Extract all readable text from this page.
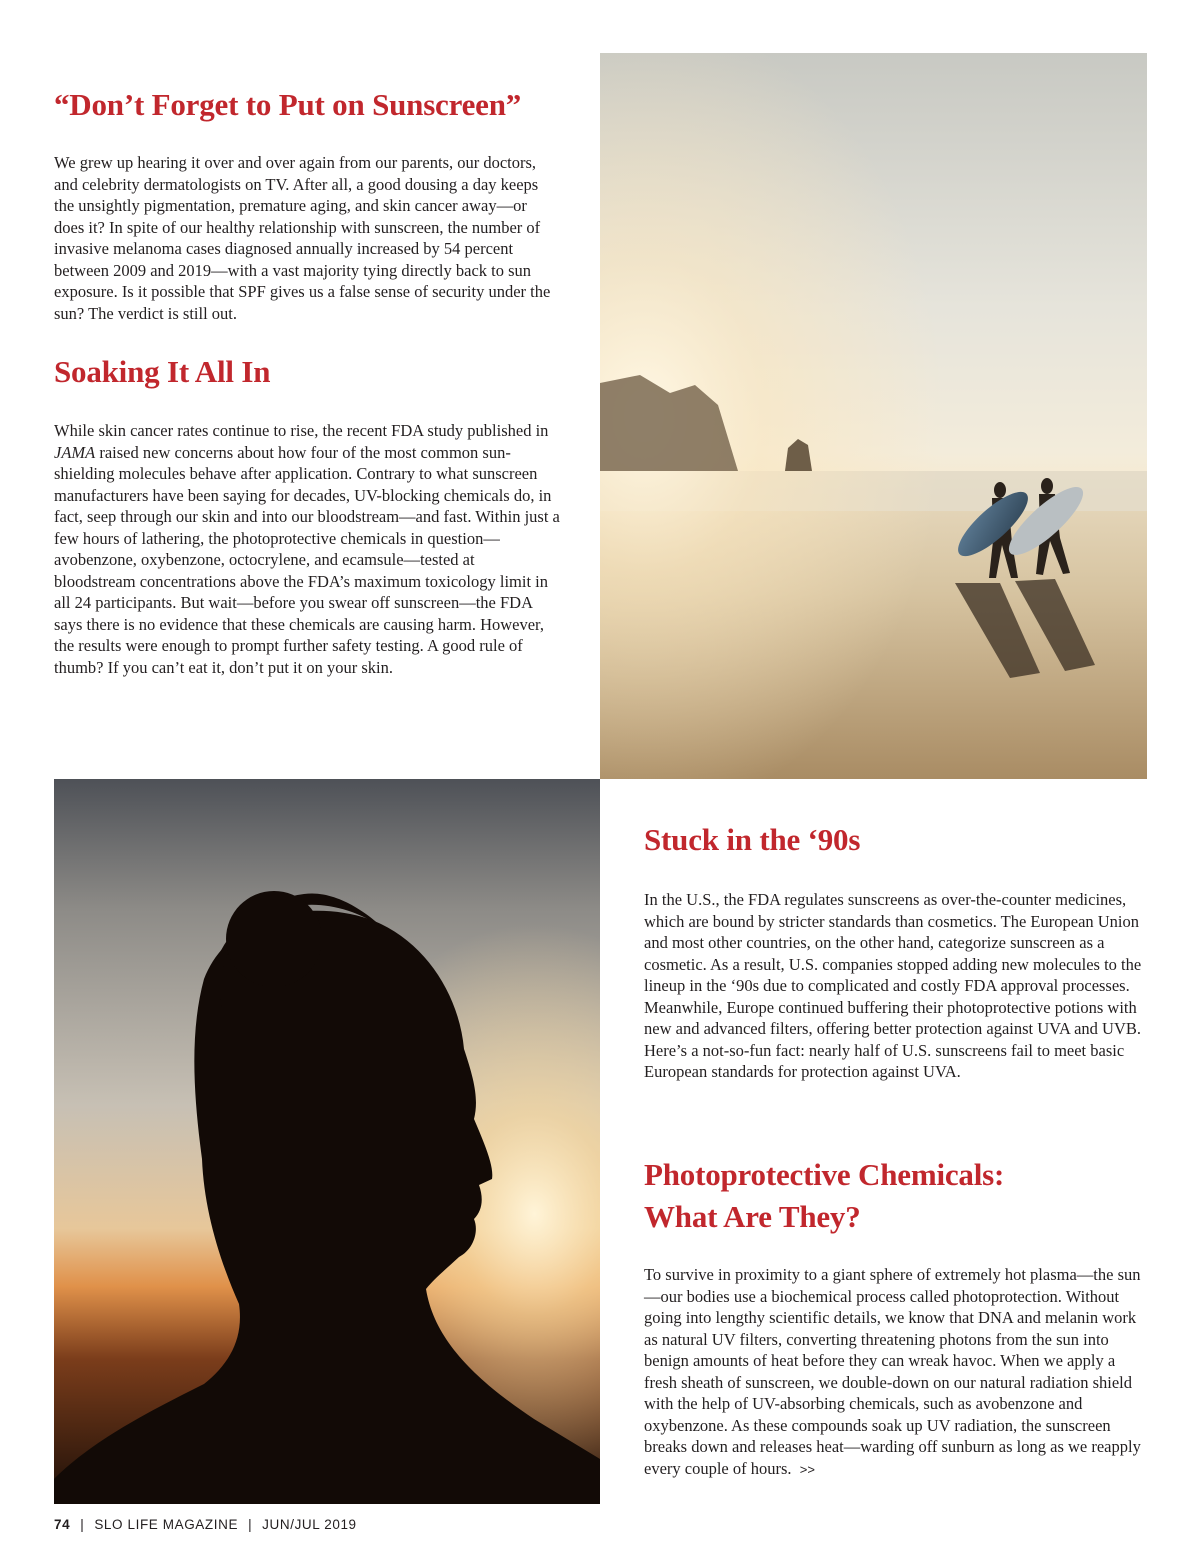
“Don’t Forget to Put on Sunscreen”

We grew up hearing it over and over again from our parents, our doctors, and celebrity dermatologists on TV. After all, a good dousing a day keeps the unsightly pigmentation, premature aging, and skin cancer away—or does it? In spite of our healthy relationship with sunscreen, the number of invasive melanoma cases diagnosed annually increased by 54 percent between 2009 and 2019—with a vast majority tying directly back to sun exposure. Is it possible that SPF gives us a false sense of security under the sun? The verdict is still out.

Soaking It All In

While skin cancer rates continue to rise, the recent FDA study published in JAMA raised new concerns about how four of the most common sun-shielding molecules behave after application. Contrary to what sunscreen manufacturers have been saying for decades, UV-blocking chemicals do, in fact, seep through our skin and into our bloodstream—and fast. Within just a few hours of lathering, the photoprotective chemicals in question—avobenzone, oxybenzone, octocrylene, and ecamsule—tested at bloodstream concentrations above the FDA’s maximum toxicology limit in all 24 participants. But wait—before you swear off sunscreen—the FDA says there is no evidence that these chemicals are causing harm. However, the results were enough to prompt further safety testing. A good rule of thumb? If you can’t eat it, don’t put it on your skin.

Stuck in the ‘90s

In the U.S., the FDA regulates sunscreens as over-the-counter medicines, which are bound by stricter standards than cosmetics. The European Union and most other countries, on the other hand, categorize sunscreen as a cosmetic. As a result, U.S. companies stopped adding new molecules to the lineup in the ‘90s due to complicated and costly FDA approval processes. Meanwhile, Europe continued buffering their photoprotective potions with new and advanced filters, offering better protection against UVA and UVB. Here’s a not-so-fun fact: nearly half of U.S. sunscreens fail to meet basic European standards for protection against UVA.

Photoprotective Chemicals:
What Are They?

To survive in proximity to a giant sphere of extremely hot plasma—the sun—our bodies use a biochemical process called photoprotection. Without going into lengthy scientific details, we know that DNA and melanin work as natural UV filters, converting threatening photons from the sun into benign amounts of heat before they can wreak havoc. When we apply a fresh sheath of sunscreen, we double-down on our natural radiation shield with the help of UV-absorbing chemicals, such as avobenzone and oxybenzone. As these compounds soak up UV radiation, the sunscreen breaks down and releases heat—warding off sunburn as long as we reapply every couple of hours. >>

74 | SLO LIFE MAGAZINE | JUN/JUL 2019
